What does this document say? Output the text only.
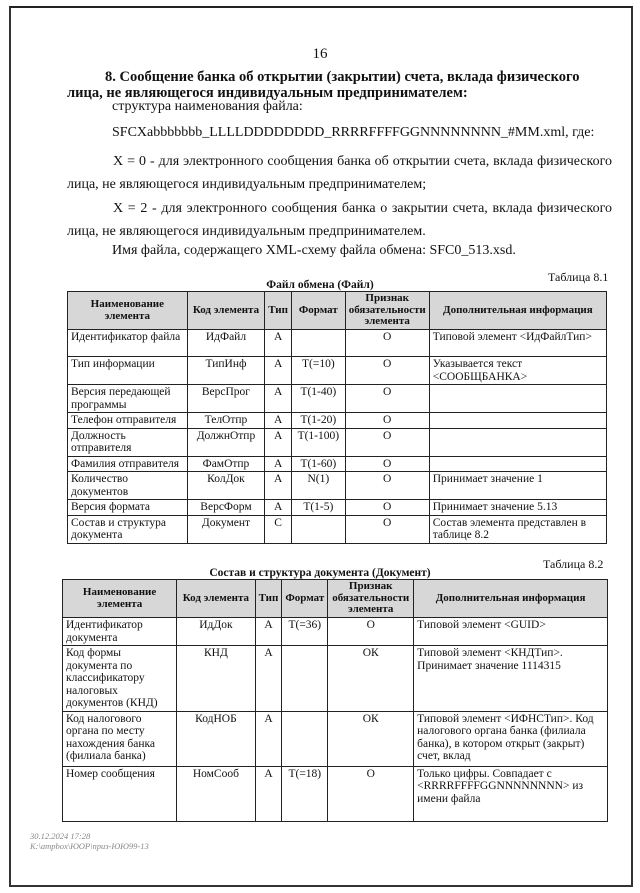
16
8. Сообщение банка об открытии (закрытии) счета, вклада физического лица, не являющегося индивидуальным предпринимателем:
структура наименования файла:
SFCXabbbbbbb_LLLLDDDDDDDD_RRRRFFFFGGNNNNNNNN_#MM.xml, где:
X = 0 - для электронного сообщения банка об открытии счета, вклада физического лица, не являющегося индивидуальным предпринимателем;
X = 2 - для электронного сообщения банка о закрытии счета, вклада физического лица, не являющегося индивидуальным предпринимателем.
Имя файла, содержащего XML-схему файла обмена: SFC0_513.xsd.
Таблица 8.1
Файл обмена (Файл)
Наименование элемента	Код элемента	Тип	Формат	Признак обязательности элемента	Дополнительная информация
Идентификатор файла	ИдФайл	А		О	Типовой элемент <ИдФайлТип>
Тип информации	ТипИнф	А	Т(=10)	О	Указывается текст <СООБЩБАНКА>
Версия передающей программы	ВерсПрог	А	Т(1-40)	О	
Телефон отправителя	ТелОтпр	А	Т(1-20)	О	
Должность отправителя	ДолжнОтпр	А	Т(1-100)	О	
Фамилия отправителя	ФамОтпр	А	Т(1-60)	О	
Количество документов	КолДок	А	N(1)	О	Принимает значение 1
Версия формата	ВерсФорм	А	Т(1-5)	О	Принимает значение 5.13
Состав и структура документа	Документ	С		О	Состав элемента представлен в таблице 8.2
Таблица 8.2
Состав и структура документа (Документ)
Наименование элемента	Код элемента	Тип	Формат	Признак обязательности элемента	Дополнительная информация
Идентификатор документа	ИдДок	А	Т(=36)	О	Типовой элемент <GUID>
Код формы документа по классификатору налоговых документов (КНД)	КНД	А		ОК	Типовой элемент <КНДТип>. Принимает значение 1114315
Код налогового органа по месту нахождения банка (филиала банка)	КодНОБ	А		ОК	Типовой элемент <ИФНСТип>. Код налогового органа банка (филиала банка), в котором открыт (закрыт) счет, вклад
Номер сообщения	НомСооб	А	Т(=18)	О	Только цифры. Совпадает с <RRRRFFFFGGNNNNNNNN> из имени файла
30.12.2024 17:28
К:\ampbox\ЮОР\приз-ЮЮ99-13
